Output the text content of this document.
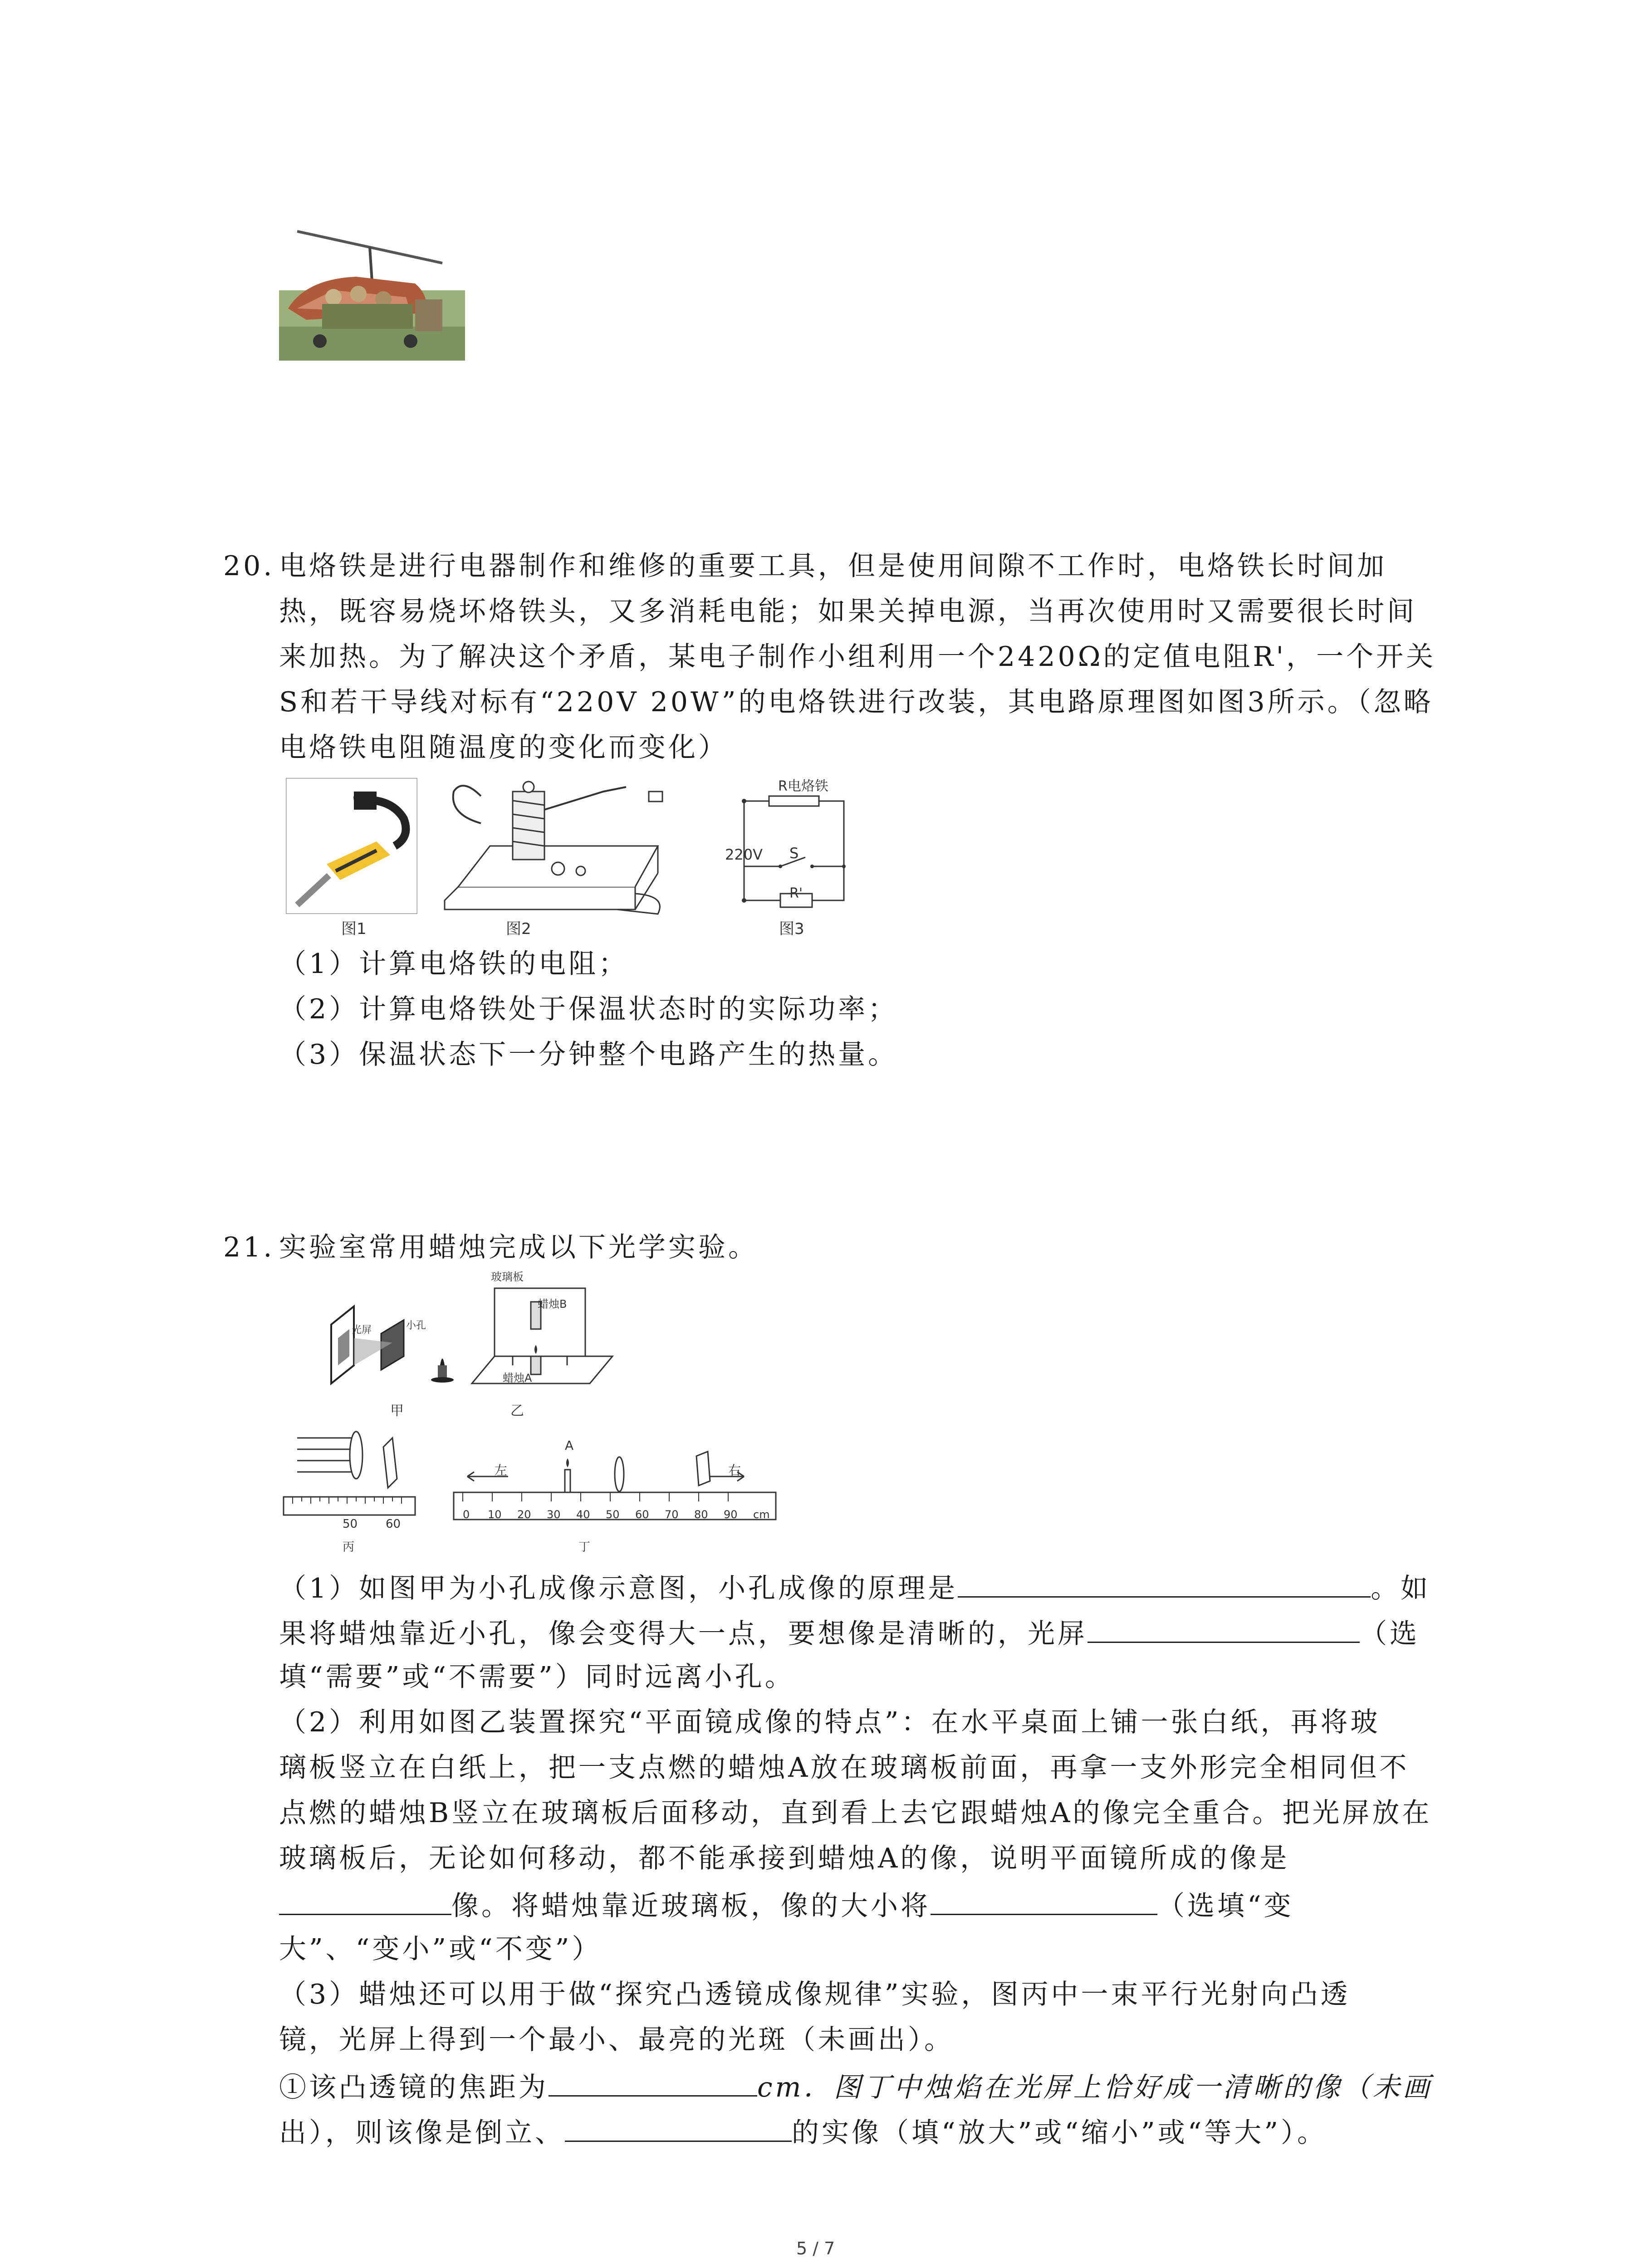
20. 电烙铁是进行电器制作和维修的重要工具，但是使用间隙不工作时，电烙铁长时间加
热，既容易烧坏烙铁头，又多消耗电能；如果关掉电源，当再次使用时又需要很长时间
来加热。为了解决这个矛盾，某电子制作小组利用一个2420Ω的定值电阻R'，一个开关
S和若干导线对标有“220V 20W”的电烙铁进行改装，其电路原理图如图3所示。（忽略
电烙铁电阻随温度的变化而变化）
图1	图2
R电烙铁
220V S
R'
图3
（1）计算电烙铁的电阻；
（2）计算电烙铁处于保温状态时的实际功率；
（3）保温状态下一分钟整个电路产生的热量。
21. 实验室常用蜡烛完成以下光学实验。
光屏	小孔
甲
玻璃板
蜡烛B
蜡烛A
乙
50 60
丙
左	右
A
0 10 20 30 40 50 60 70 80 90 cm
丁
（1）如图甲为小孔成像示意图，小孔成像的原理是	。如
果将蜡烛靠近小孔，像会变得大一点，要想像是清晰的，光屏	（选
填“需要”或“不需要”）同时远离小孔。
（2）利用如图乙装置探究“平面镜成像的特点”：在水平桌面上铺一张白纸，再将玻
璃板竖立在白纸上，把一支点燃的蜡烛A放在玻璃板前面，再拿一支外形完全相同但不
点燃的蜡烛B竖立在玻璃板后面移动，直到看上去它跟蜡烛A的像完全重合。把光屏放在
玻璃板后，无论如何移动，都不能承接到蜡烛A的像，说明平面镜所成的像是
像。将蜡烛靠近玻璃板，像的大小将	（选填“变
大”、“变小”或“不变”）
（3）蜡烛还可以用于做“探究凸透镜成像规律”实验，图丙中一束平行光射向凸透
镜，光屏上得到一个最小、最亮的光斑（未画出）。
①该凸透镜的焦距为	cm．图丁中烛焰在光屏上恰好成一清晰的像（未画
出），则该像是倒立、	的实像（填“放大”或“缩小”或“等大”）。
5 / 7
